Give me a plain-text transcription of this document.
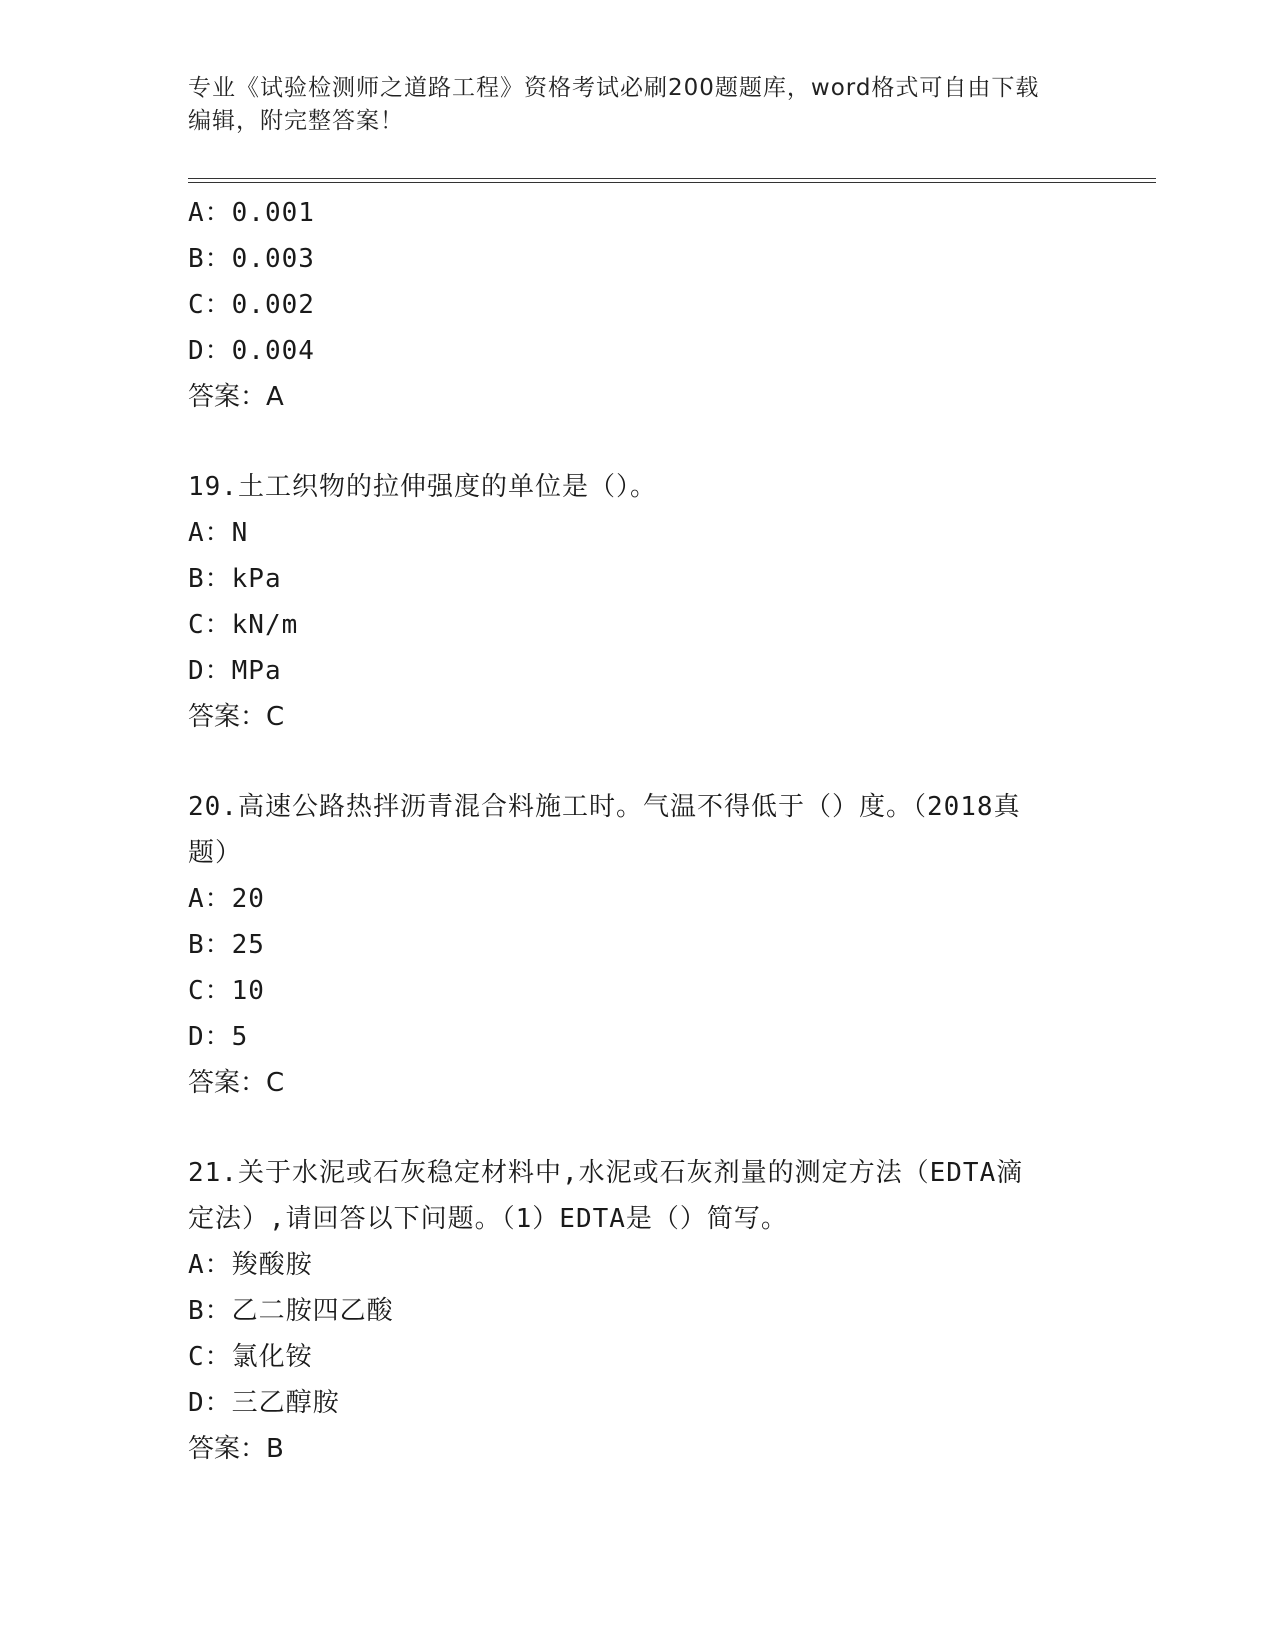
专业《试验检测师之道路工程》资格考试必刷200题题库，word格式可自由下载
编辑，附完整答案！
A：0.001
B：0.003
C：0.002
D：0.004
答案：A
19.土工织物的拉伸强度的单位是（）。
A：N
B：kPa
C：kN/m
D：MPa
答案：C
20.高速公路热拌沥青混合料施工时。气温不得低于（）度。（2018真
题）
A：20
B：25
C：10
D：5
答案：C
21.关于水泥或石灰稳定材料中,水泥或石灰剂量的测定方法（EDTA滴
定法）,请回答以下问题。（1）EDTA是（）简写。
A：羧酸胺
B：乙二胺四乙酸
C：氯化铵
D：三乙醇胺
答案：B
